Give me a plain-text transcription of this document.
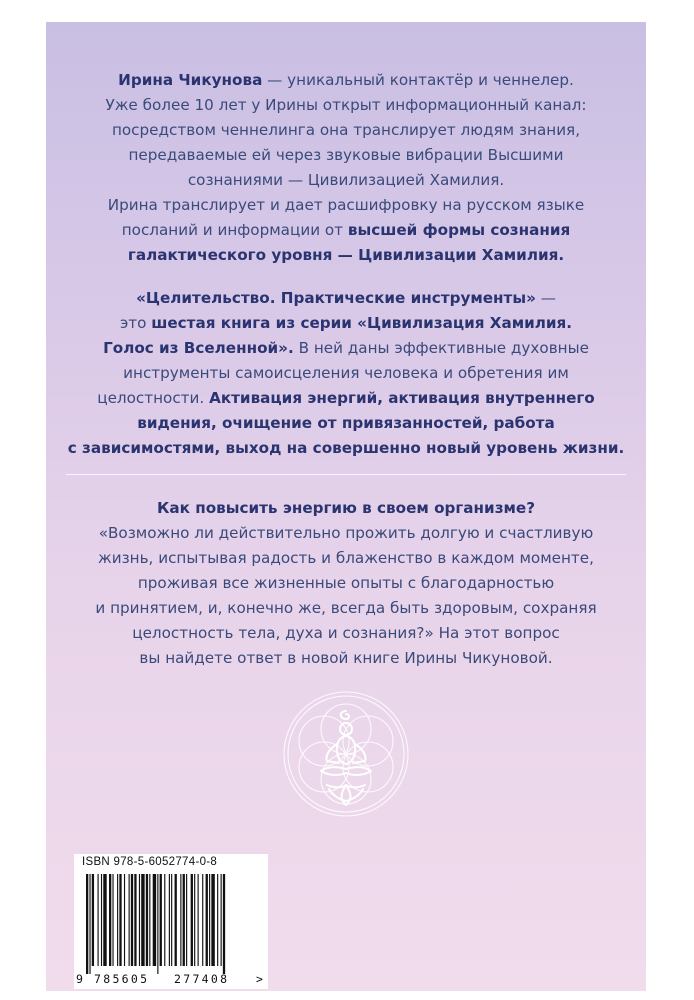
Ирина Чикунова — уникальный контактёр и ченнелер.
Уже более 10 лет у Ирины открыт информационный канал:
посредством ченнелинга она транслирует людям знания,
передаваемые ей через звуковые вибрации Высшими
сознаниями — Цивилизацией Хамилия.
Ирина транслирует и дает расшифровку на русском языке
посланий и информации от высшей формы сознания
галактического уровня — Цивилизации Хамилия.
«Целительство. Практические инструменты» —
это шестая книга из серии «Цивилизация Хамилия.
Голос из Вселенной». В ней даны эффективные духовные
инструменты самоисцеления человека и обретения им
целостности. Активация энергий, активация внутреннего
видения, очищение от привязанностей, работа
с зависимостями, выход на совершенно новый уровень жизни.
Как повысить энергию в своем организме?
«Возможно ли действительно прожить долгую и счастливую
жизнь, испытывая радость и блаженство в каждом моменте,
проживая все жизненные опыты с благодарностью
и принятием, и, конечно же, всегда быть здоровым, сохраняя
целостность тела, духа и сознания?» На этот вопрос
вы найдете ответ в новой книге Ирины Чикуновой.
ISBN 978-5-6052774-0-8
9 785605 277408 >
